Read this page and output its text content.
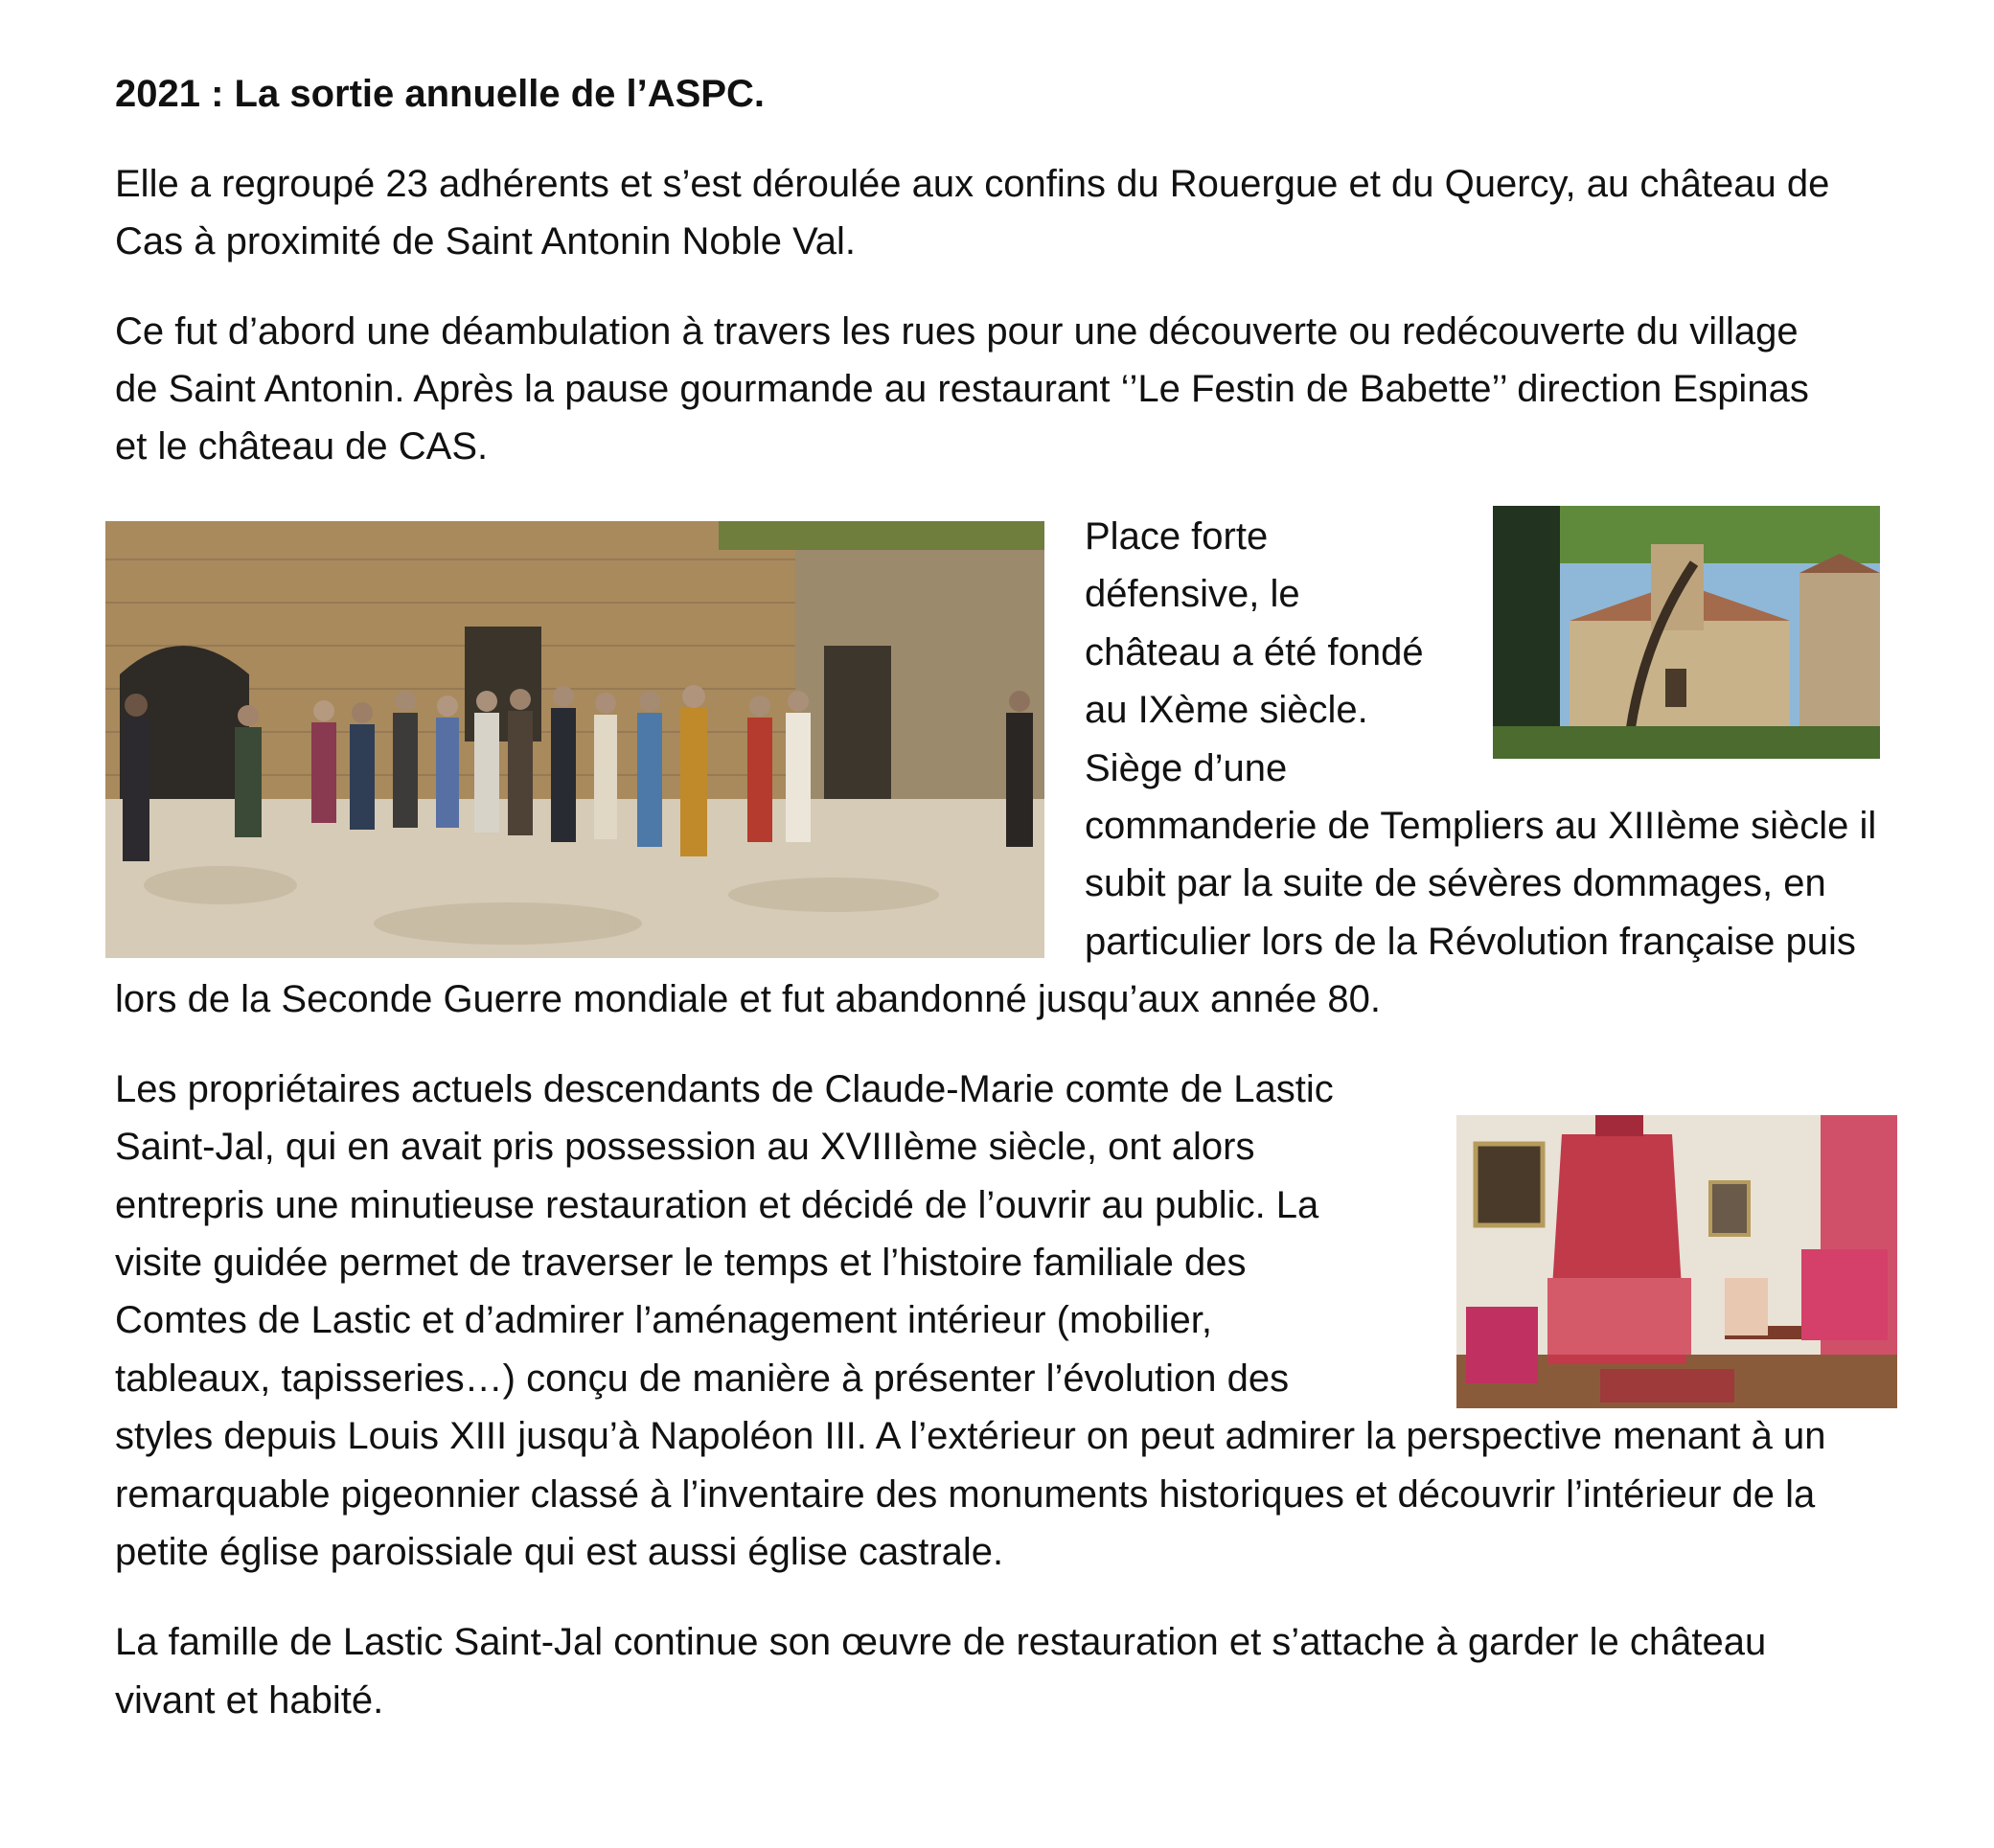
2021 : La sortie annuelle de l’ASPC.
Elle a regroupé 23 adhérents et s’est déroulée aux confins du Rouergue et du Quercy, au château de
Cas à proximité de Saint Antonin Noble Val.
Ce fut d’abord une déambulation à travers les rues pour une découverte ou redécouverte du village
de Saint Antonin. Après la pause gourmande au restaurant ‘’Le Festin de Babette’’ direction Espinas
et le château de CAS.
Place forte
défensive, le
château a été fondé
au IXème siècle.
Siège d’une
commanderie de Templiers au XIIIème siècle il
subit par la suite de sévères dommages, en
particulier lors de la Révolution française puis
lors de la Seconde Guerre mondiale et fut abandonné jusqu’aux année 80.
Les propriétaires actuels descendants de Claude-Marie comte de Lastic
Saint-Jal, qui en avait pris possession au XVIIIème siècle, ont alors
entrepris une minutieuse restauration et décidé de l’ouvrir au public. La
visite guidée permet de traverser le temps et l’histoire familiale des
Comtes de Lastic et d’admirer l’aménagement intérieur (mobilier,
tableaux, tapisseries…) conçu de manière à présenter l’évolution des
styles depuis Louis XIII jusqu’à Napoléon III. A l’extérieur on peut admirer la perspective menant à un
remarquable pigeonnier classé à l’inventaire des monuments historiques et découvrir l’intérieur de la
petite église paroissiale qui est aussi église castrale.
La famille de Lastic Saint-Jal continue son œuvre de restauration et s’attache à garder le château
vivant et habité.
